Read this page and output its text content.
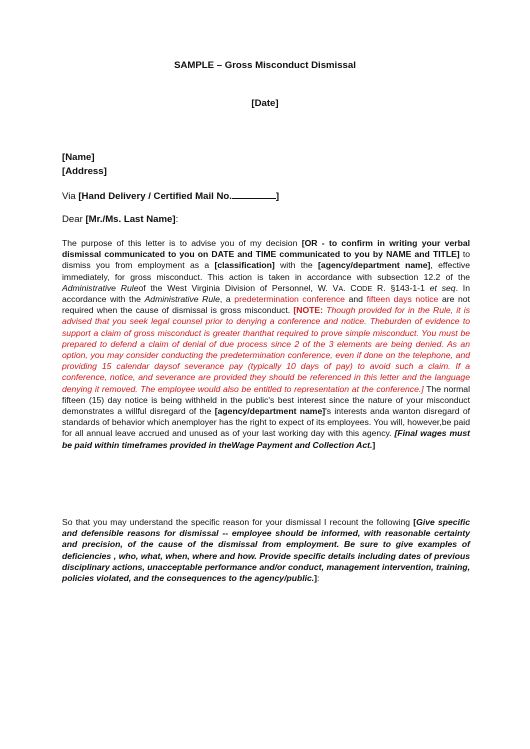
SAMPLE – Gross Misconduct Dismissal
[Date]
[Name]
[Address]
Via [Hand Delivery / Certified Mail No.	]
Dear [Mr./Ms. Last Name]:
The purpose of this letter is to advise you of my decision [OR - to confirm in writing your verbal dismissal communicated to you on DATE and TIME communicated to you by NAME and TITLE] to dismiss you from employment as a [classification] with the [agency/department name], effective immediately, for gross misconduct. This action is taken in accordance with subsection 12.2 of the Administrative Ruleof the West Virginia Division of Personnel, W. VA. CODE R. §143-1-1 et seq. In accordance with the Administrative Rule, a predetermination conference and fifteen days notice are not required when the cause of dismissal is gross misconduct. [NOTE: Though provided for in the Rule, it is advised that you seek legal counsel prior to denying a conference and notice. Theburden of evidence to support a claim of gross misconduct is greater thanthat required to prove simple misconduct. You must be prepared to defend a claim of denial of due process since 2 of the 3 elements are being denied. As an option, you may consider conducting the predetermination conference, even if done on the telephone, and providing 15 calendar daysof severance pay (typically 10 days of pay) to avoid such a claim. If a conference, notice, and severance are provided they should be referenced in this letter and the language denying it removed. The employee would also be entitled to representation at the conference.] The normal fifteen (15) day notice is being withheld in the public's best interest since the nature of your misconduct demonstrates a willful disregard of the [agency/department name]'s interests anda wanton disregard of standards of behavior which anemployer has the right to expect of its employees. You will, however,be paid for all annual leave accrued and unused as of your last working day with this agency. [Final wages must be paid within timeframes provided in theWage Payment and Collection Act.]
So that you may understand the specific reason for your dismissal I recount the following [Give specific and defensible reasons for dismissal -- employee should be informed, with reasonable certainty and precision, of the cause of the dismissal from employment. Be sure to give examples of deficiencies , who, what, when, where and how. Provide specific details including dates of previous disciplinary actions, unacceptable performance and/or conduct, management intervention, training, policies violated, and the consequences to the agency/public.]:
